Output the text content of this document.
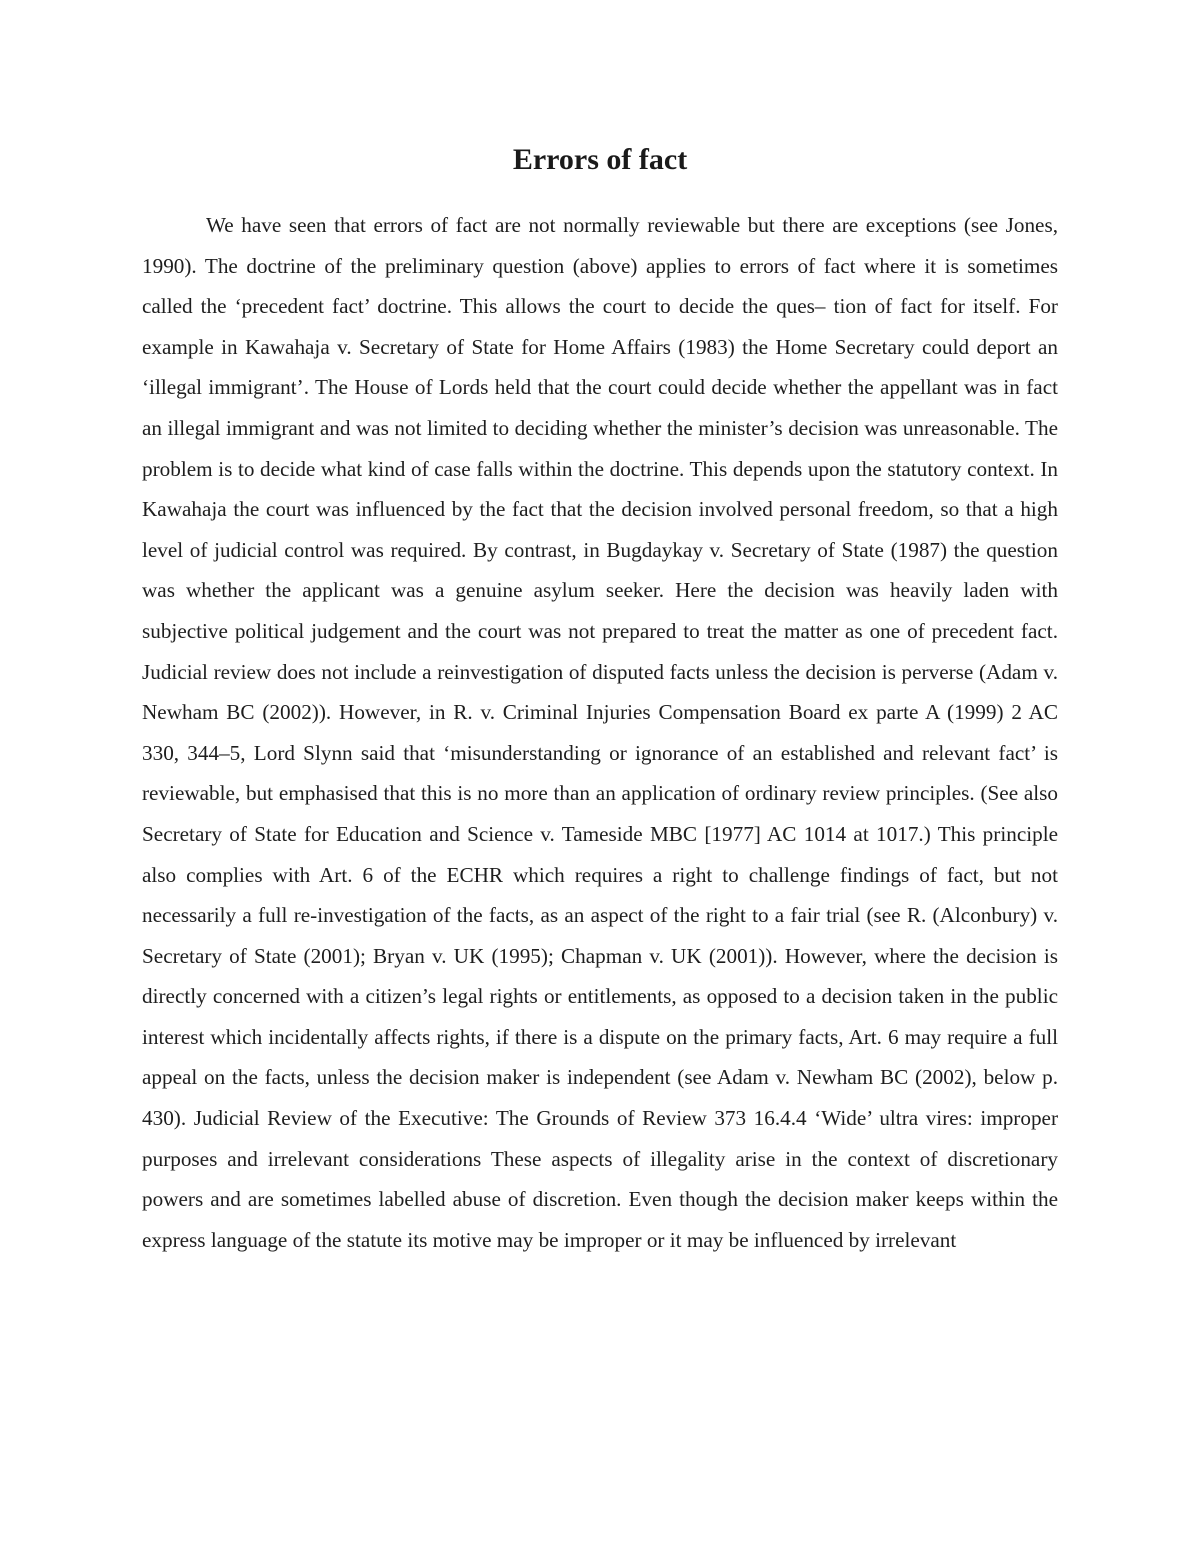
Errors of fact

We have seen that errors of fact are not normally reviewable but there are exceptions (see Jones, 1990). The doctrine of the preliminary question (above) applies to errors of fact where it is sometimes called the ‘precedent fact’ doctrine. This allows the court to decide the ques– tion of fact for itself. For example in Kawahaja v. Secretary of State for Home Affairs (1983) the Home Secretary could deport an ‘illegal immigrant’. The House of Lords held that the court could decide whether the appellant was in fact an illegal immigrant and was not limited to deciding whether the minister’s decision was unreasonable. The problem is to decide what kind of case falls within the doctrine. This depends upon the statutory context. In Kawahaja the court was influenced by the fact that the decision involved personal freedom, so that a high level of judicial control was required. By contrast, in Bugdaykay v. Secretary of State (1987) the question was whether the applicant was a genuine asylum seeker. Here the decision was heavily laden with subjective political judgement and the court was not prepared to treat the matter as one of precedent fact. Judicial review does not include a reinvestigation of disputed facts unless the decision is perverse (Adam v. Newham BC (2002)). However, in R. v. Criminal Injuries Compensation Board ex parte A (1999) 2 AC 330, 344–5, Lord Slynn said that ‘misunderstanding or ignorance of an established and relevant fact’ is reviewable, but emphasised that this is no more than an application of ordinary review principles. (See also Secretary of State for Education and Science v. Tameside MBC [1977] AC 1014 at 1017.) This principle also complies with Art. 6 of the ECHR which requires a right to challenge findings of fact, but not necessarily a full re-investigation of the facts, as an aspect of the right to a fair trial (see R. (Alconbury) v. Secretary of State (2001); Bryan v. UK (1995); Chapman v. UK (2001)). However, where the decision is directly concerned with a citizen’s legal rights or entitlements, as opposed to a decision taken in the public interest which incidentally affects rights, if there is a dispute on the primary facts, Art. 6 may require a full appeal on the facts, unless the decision maker is independent (see Adam v. Newham BC (2002), below p. 430). Judicial Review of the Executive: The Grounds of Review 373 16.4.4 ‘Wide’ ultra vires: improper purposes and irrelevant considerations These aspects of illegality arise in the context of discretionary powers and are sometimes labelled abuse of discretion. Even though the decision maker keeps within the express language of the statute its motive may be improper or it may be influenced by irrelevant
